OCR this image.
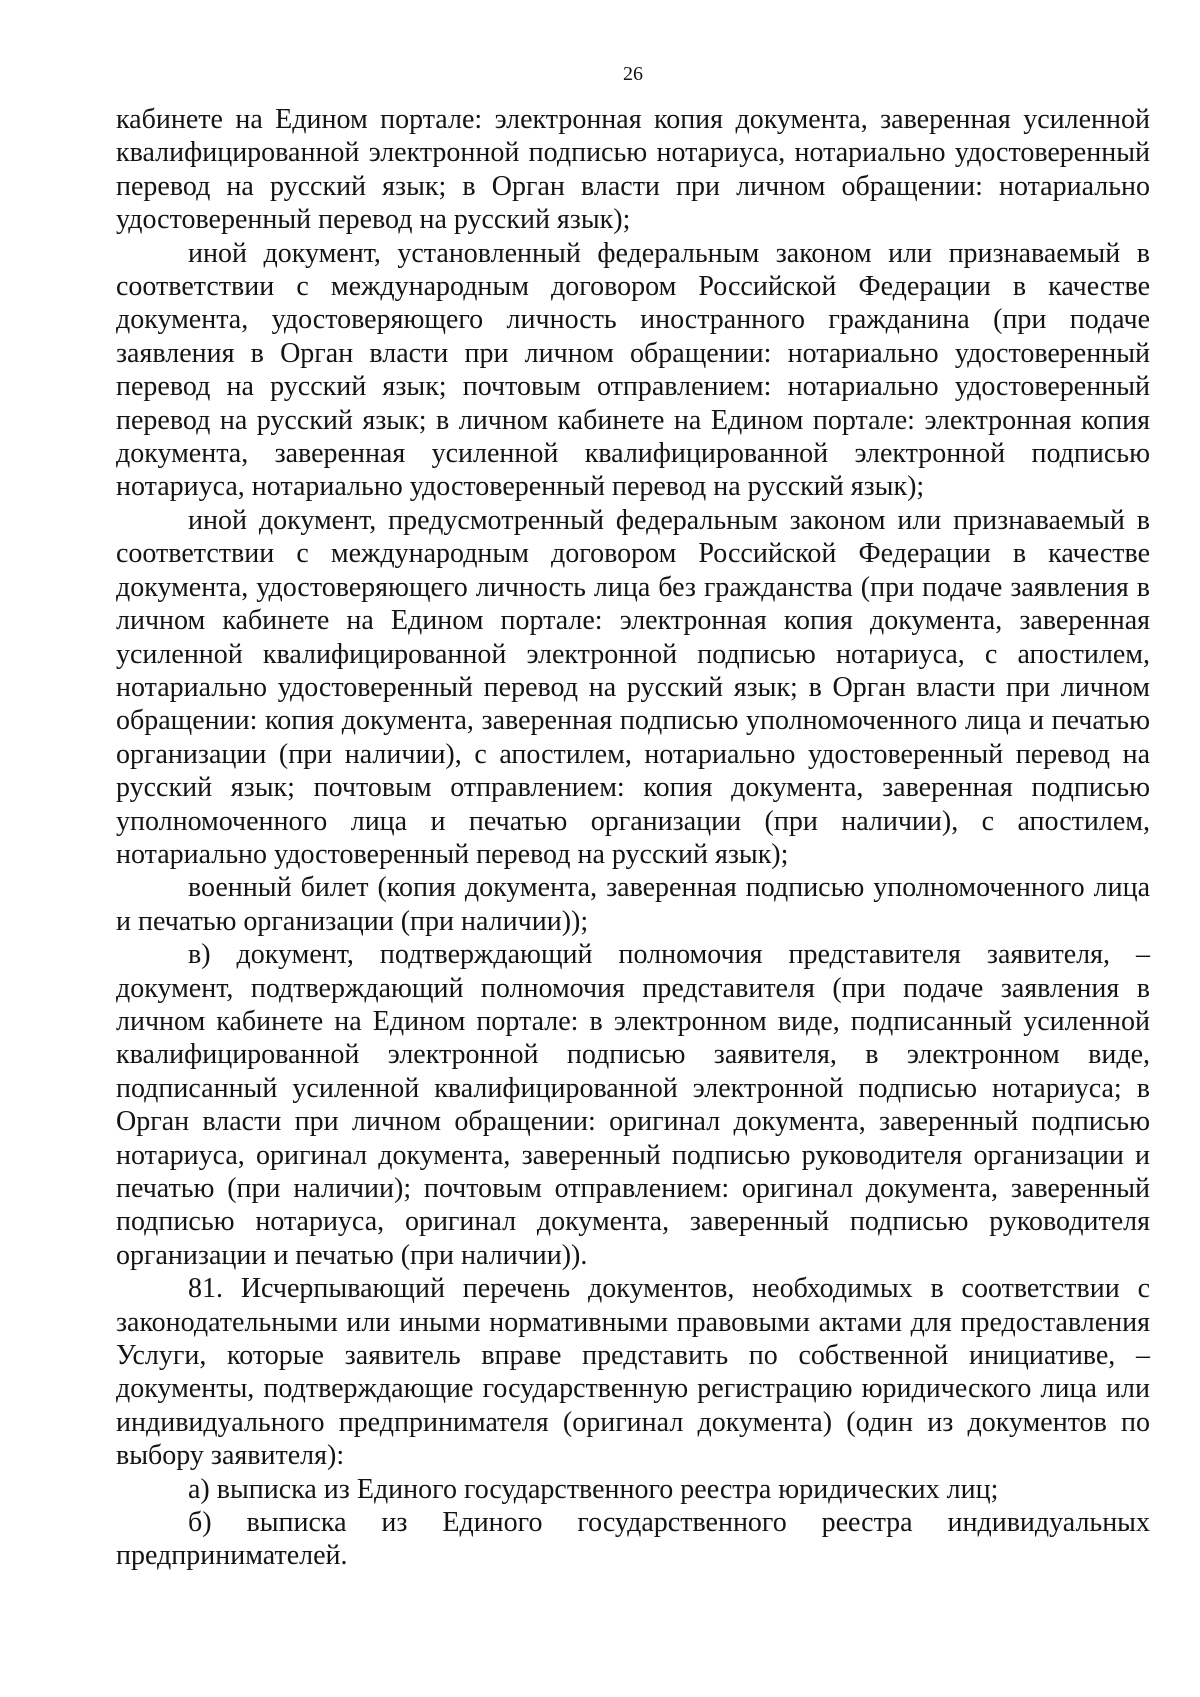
26

кабинете на Едином портале: электронная копия документа, заверенная усиленной квалифицированной электронной подписью нотариуса, нотариально удостоверенный перевод на русский язык; в Орган власти при личном обращении: нотариально удостоверенный перевод на русский язык);

иной документ, установленный федеральным законом или признаваемый в соответствии с международным договором Российской Федерации в качестве документа, удостоверяющего личность иностранного гражданина (при подаче заявления в Орган власти при личном обращении: нотариально удостоверенный перевод на русский язык; почтовым отправлением: нотариально удостоверенный перевод на русский язык; в личном кабинете на Едином портале: электронная копия документа, заверенная усиленной квалифицированной электронной подписью нотариуса, нотариально удостоверенный перевод на русский язык);

иной документ, предусмотренный федеральным законом или признаваемый в соответствии с международным договором Российской Федерации в качестве документа, удостоверяющего личность лица без гражданства (при подаче заявления в личном кабинете на Едином портале: электронная копия документа, заверенная усиленной квалифицированной электронной подписью нотариуса, с апостилем, нотариально удостоверенный перевод на русский язык; в Орган власти при личном обращении: копия документа, заверенная подписью уполномоченного лица и печатью организации (при наличии), с апостилем, нотариально удостоверенный перевод на русский язык; почтовым отправлением: копия документа, заверенная подписью уполномоченного лица и печатью организации (при наличии), с апостилем, нотариально удостоверенный перевод на русский язык);

военный билет (копия документа, заверенная подписью уполномоченного лица и печатью организации (при наличии));

в) документ, подтверждающий полномочия представителя заявителя, – документ, подтверждающий полномочия представителя (при подаче заявления в личном кабинете на Едином портале: в электронном виде, подписанный усиленной квалифицированной электронной подписью заявителя, в электронном виде, подписанный усиленной квалифицированной электронной подписью нотариуса; в Орган власти при личном обращении: оригинал документа, заверенный подписью нотариуса, оригинал документа, заверенный подписью руководителя организации и печатью (при наличии); почтовым отправлением: оригинал документа, заверенный подписью нотариуса, оригинал документа, заверенный подписью руководителя организации и печатью (при наличии)).

81. Исчерпывающий перечень документов, необходимых в соответствии с законодательными или иными нормативными правовыми актами для предоставления Услуги, которые заявитель вправе представить по собственной инициативе, – документы, подтверждающие государственную регистрацию юридического лица или индивидуального предпринимателя (оригинал документа) (один из документов по выбору заявителя):

а) выписка из Единого государственного реестра юридических лиц;

б) выписка из Единого государственного реестра индивидуальных предпринимателей.
